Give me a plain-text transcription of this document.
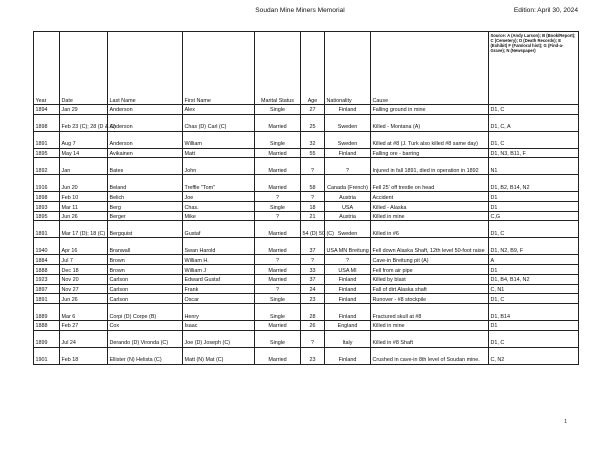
Soudan Mine Miners Memorial	Edition: April 30, 2024
Year	Date	Last Name	First Name	Marital Status	Age	Nationality	Cause	Source: A (Andy Larson); B (Book/Report); C (Cemetery); D (Death Records); E (Exhibit) F (Fam/oral hist); G (Find-a-Grave); N (Newspaper)
1894	Jan 29	Anderson	Alex	Single	27	Finland	Falling ground in mine	D1, C
1898	Feb 23 (C); 28 (D & C)	Anderson	Chas (D) Carl (C)	Married	25	Sweden	Killed - Montana (A)	D1, C, A
1891	Aug 7	Anderson	William	Single	32	Sweden	Killed at #8 (J. Turk also killed #8 same day)	D1, C
1895	May 14	Avikainen	Matt	Married	55	Finland	Falling ore - barring	D1, N3, B11, F
1892	Jan	Bates	John	Married	?	?	Injured in fall 1891, died in operation in 1892	N1
1916	Jun 20	Beland	Treffle "Tom"	Married	58	Canada (French)	Fell 25' off trestle on head	D1, B2, B14, N2
1898	Feb 10	Belich	Joe	?	?	Austria	Accident	D1
1893	Mar 11	Berg	Chas.	Single	18	USA	Killed - Alaska	D1
1895	Jun 26	Berger	Mike	?	21	Austria	Killed in mine	C,G
1891	Mar 17 (D); 18 (C)	Bergquist	Gustaf	Married	54 (D) 50 (C)	Sweden	Killed in #6	D1, C
1940	Apr 16	Branwall	Swan Harold	Married	37	USA MN Breitung	Fell down Alaska Shaft, 12th level 50-foot raise	D1, N2, B9, F
1884	Jul 7	Brown	William H.	?	?	?	Cave-in Breitung pit (A)	A
1888	Dec 18	Brown	William J	Married	33	USA MI	Fell from air pipe	D1
1923	Nov 20	Carlson	Edward Gustaf	Married	37	Finland	Killed by blast	D1, B4, B14, N2
1897	Nov 27	Carlson	Frank	?	24	Finland	Fall of dirt Alaska shaft	C, N1
1891	Jun 26	Carlson	Oscar	Single	23	Finland	Runover - #8 stockpile	D1, C
1889	Mar 6	Corpi (D) Corpe (B)	Henry	Single	28	Finland	Fractured skull at #8	D1, B14
1888	Feb 27	Cox	Isaac	Married	26	England	Killed in mine	D1
1899	Jul 24	Derando (D) Vironda (C)	Joe (D) Joseph (C)	Single	?	Italy	Killed in #8 Shaft	D1, C
1901	Feb 18	Ellister (N) Helista (C)	Matt (N) Mat (C)	Married	23	Finland	Crushed in cave-in 8th level of Soudan mine.	C, N2
1
